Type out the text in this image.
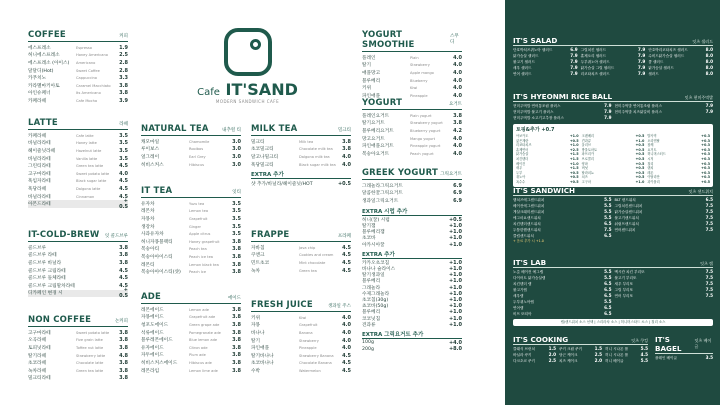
COFFEE	커피
에스프레소	Espresso	1.9
허니에스프레소	Honey Americano	2.5
에스프레소 (아이스)	Americano	2.8
달달디(Hot)	Sweet Coffee	2.8
카푸치노	Cappuccino	3.3
카라멜마키아토	Caramel Macchiato	3.8
아인슈페너	Its Americano	3.8
카페라떼	Cafe Mocha	3.9
LATTE	라떼
카페라떼	Cafe latte	3.5
바닐라라떼	Honey latte	3.5
헤이즐넛라떼	Hazelnut latte	3.5
바닐라라떼	Vanilla latte	3.5
그린티라떼	Green tea latte	4.5
고구마라떼	Sweet potato latte	4.0
흑임자라떼	Black sugar latte	4.5
흑당라떼	Dalgona latte	4.5
바닐라라떼	Cinnamon	4.5
아몬드라떼
+ 0.5
IT-COLD-BREW 잇 콜드브루
콜드브루	3.8
콜드브루 라떼	3.8
콜드브루 바닐라	3.8
콜드브루 크림라떼	4.5
콜드브루 돌체라떼	4.5
콜드브루 크림말차라떼	4.5
디카페인 변경 시
+ 0.5
NON COFFEE	논커피
고구마라떼	Sweet potato latte	3.8
오곡라떼	Five grain latte	3.8
토피넛라떼	Toffee nut latte	3.8
딸기라떼	Strawberry latte	4.8
초코라떼	Chocolate latte	3.8
녹차라떼	Green tea latte	3.8
밀크티라떼	3.8
Cafe IT'SAND
MODERN SANDWICH CAFE
NATURAL TEA	내추럴 티
캐모마일	Chamomile	3.0
루이보스	Rooibos	3.0
얼그레이	Earl Grey	3.0
히비스커스	Hibiscus	3.0
IT TEA	잇티
유자차	Yuzu tea	3.5
레몬차	Lemon tea	3.5
자몽차	Grapefruit	3.5
생강차	Ginger	3.5
사과유자차	Apple citrus	3.5
허니자몽블랙티	Honey grapefruit	3.8
복숭아티	Peach tea	3.8
복숭아아이스티	Peach ice tea	3.8
레몬티	Lemon black tea	3.8
복숭아아이스티(샷)	Peach Ice	3.8
ADE	에이드
레몬에이드	Lemon ade	3.8
자몽에이드	Grapefruit ade	3.8
청포도에이드	Green grape ade	3.8
석류에이드	Pomegranate ade	3.8
블루레몬에이드	Blue lemon ade	3.8
유자에이드	Citron ade	3.8
자두에이드	Plum ade	3.8
히비스커스에이드	Hibiscus ade	3.8
레몬라임	Lemon lime ade	3.8
MILK TEA	밀크티
밀크티	Milk tea	3.8
초코밀크티	Chocolate milk tea	3.8
달고나밀크티	Dalgona milk tea	4.0
흑당밀크티	Black sugar milk tea	4.0
EXTRA 추가
샷 추가/바닐라/헤이즐넛/HOT	+0.5
FRAPPE	프라페
자바칩	Java chip	4.5
쿠앤크	Cookies and cream	4.5
민트초코	Mint chocolate	4.5
녹차	Green tea	4.5
FRESH JUICE	생과일 주스
키위	Kiwi	4.0
자몽	Grapefruit	4.0
바나나	Banana	4.0
딸기	Strawberry	4.0
파인애플	Pineapple	4.0
딸기바나나	Strawberry Banana	4.5
초코바나나	Chocolate Banana	4.5
수박	Watermelon	4.5
YOGURT SMOOTHIE
스무디
플레인	Plain	4.0
딸기	Strawberry	4.0
애플망고	Apple mango	4.0
블루베리	Blueberry	4.0
키위	Kiwi	4.0
파인애플	Pineapple	4.0
YOGURT	요거트
플레인요거트	Plain yogurt	3.8
딸기요거트	Strawberry yogurt	3.8
블루베리요거트	Blueberry yogurt	4.2
망고요거트	Mango yogurt	4.0
파인애플요거트	Pineapple yogurt	4.0
복숭아요거트	Peach yogurt	4.0
GREEK YOGURT 그릭요거트
그래놀라그릭요거트	6.9
달콤한꿀그릭요거트	6.9
생과일그릭요거트	6.9
EXTRA 시럽 추가
허니(꿀) 시럽	+0.5
딸기잼	+1.0
블루베리잼	+1.0
초코바	+1.0
아카시아꿀	+1.0
EXTRA 추가
카카오초코칩	+1.0
바나나 슬라이스	+1.0
딸기생과일	+1.0
블루베리	+1.0
그래놀라	+1.0
수제그래놀라	+1.0
초코칩(30g)	+1.0
쵸코바(50g)	+1.0
블루베리	+1.0
코코넛칩	+1.0
견과류	+1.0
EXTRA 그릭요거트 추가
100g	+4.0
200g	+8.0
IT'S SALAD	잇츠 샐러드
단호박치즈퀴노아 샐러드	6.9
닭가슴살 샐러드	7.9
불고기 샐러드	7.9
새우 샐러드	7.9
연어 샐러드	7.9
그릴치킨 샐러드	7.9
훈제오리 샐러드	7.9
두부퀴노아 샐러드	7.9
닭가슴살 그릴 샐러드	7.9
리코타치즈 샐러드	7.9
단호박리코타치즈 샐러드	8.0
수비드닭가슴살 샐러드	8.0
콥 샐러드	8.0
닭가슴살 샐러드	8.0
샐러드	8.0
IT'S HYEONMI RICE BALL	잇츠 현미주먹밥
현미주먹밥 연어통조림 플러스	7.9
현미주먹밥 불고기 플러스	7.9
현미주먹밥 소고기고추장 플러스	7.9
현미주먹밥 연어통조림 플러스	7.9
현미주먹밥 치즈닭갈비 플러스	7.9
토핑&추가 +0.7
아보카도	+1.0
삶은계란	+0.5
리코타치즈	+1.0
훈제연어	+2.5
닭가슴살	+1.5
치킨텐더	+1.5
베이컨	+1.0
새우	+1.5
두부	+0.5
퀴노아	+0.5
옥수수	+0.5
크랜베리	+0.5
견과류	+1.0
올리브	+0.5
방울토마토	+0.5
파프리카	+0.5
브로콜리	+0.5
양파	+0.5
버섯	+0.5
할라피뇨	+0.5
치즈	+0.5
고구마	+1.0
발사믹	+0.3
오리엔탈	+0.3
참깨	+0.3
요거트	+0.3
허니머스터드	+0.3
시저	+0.3
칠리	+0.3
랜치	+0.3
레몬	+0.3
이탈리안	+0.3
과카몰리	+0.5
IT'S SANDWICH	잇츠 샌드위치
햄치즈에그샌드위치	5.5
베이컨에그샌드위치	5.5
게살크래미샌드위치	5.5
에그마요샌드위치	5.5
치킨텐더샌드위치	6.5
두툼한햄샌드위치	7.5
클럽샌드위치	6.5
BLT 샌드위치	6.5
그릴치킨샌드위치	7.5
닭가슴살샌드위치	7.5
불고기샌드위치	7.5
쉬림프샌드위치	7.5
연어샌드위치	7.5
+ 음료 추가 시 +1.0
IT'S LAB	잇츠 랩
노릇 베이컨 에그랩	5.5
다이어트 닭가슴살랩	5.5
치킨텐더 랩	6.5
불고기랩	6.5
새우랩	6.5
두부퀴노아랩	5.5
연어랩	6.5
비프 또띠아	6.5
멕시칸 치킨 부리또	7.5
불고기 부리또	7.5
새우 부리또	7.5
그릴 부리또	7.5
연어 부리또	7.5
랩/샌드위치 소스 선택 | 스리라차 소스 | 허니머스타드 소스 | 칠리 소스
IT'S COOKING	잇츠 쿠킹
클래식 브런치	1.5
바닐라 쿠키	2.0
다크초코 쿠키	2.5
쿠키 크림 쿠키	1.5
당근 케이크	2.5
치즈 케이크	2.0
허니 시나몬 롤	5.5
허니 시나몬 롤	4.5
허니 베이글	5.5
IT'S BAGEL
잇츠 베이글
플레인 베이글	3.5
